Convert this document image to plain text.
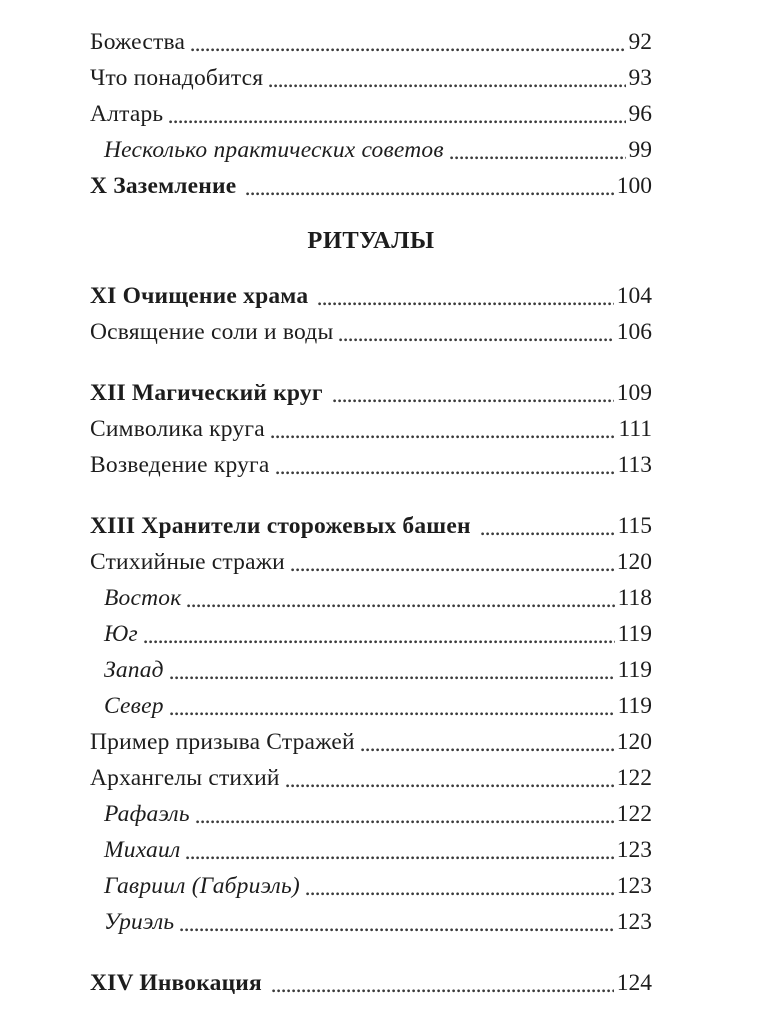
Божества	92
Что понадобится	93
Алтарь	96
Несколько практических советов	99
X Заземление	100
РИТУАЛЫ
XI Очищение храма	104
Освящение соли и воды	106
XII Магический круг	109
Символика круга	111
Возведение круга	113
XIII Хранители сторожевых башен	115
Стихийные стражи	120
Восток	118
Юг	119
Запад	119
Север	119
Пример призыва Стражей	120
Архангелы стихий	122
Рафаэль	122
Михаил	123
Гавриил (Габриэль)	123
Уриэль	123
XIV Инвокация	124
